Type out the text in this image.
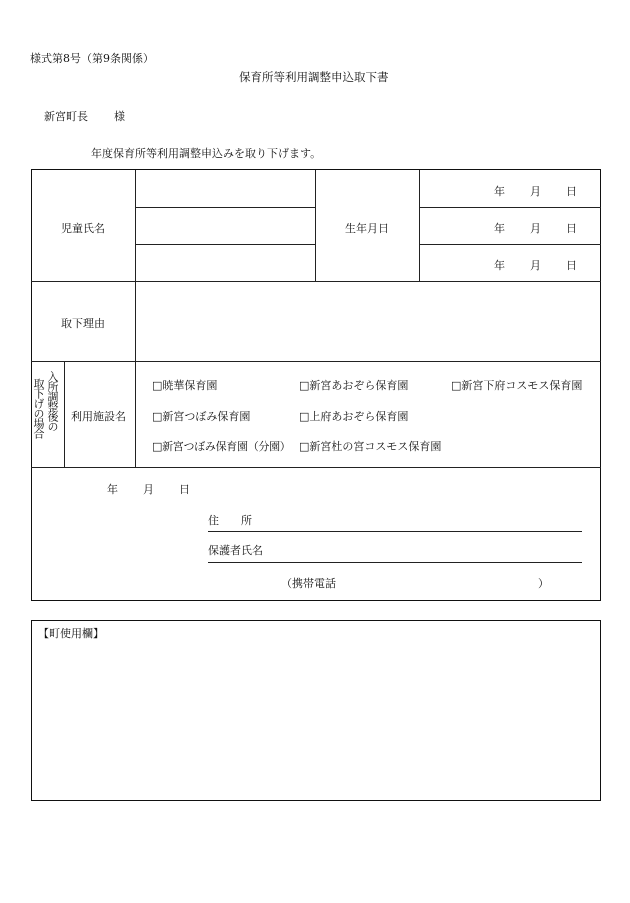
様式第8号（第9条関係）
保育所等利用調整申込取下書
新宮町長 様
年度保育所等利用調整申込みを取り下げます。
児童氏名	生年月日
年 月 日
年 月 日
年 月 日
取下理由
入所調整後の
取下げの場合 利用施設名
□暁華保育園	□新宮あおぞら保育園	□新宮下府コスモス保育園
□新宮つぼみ保育園	□上府あおぞら保育園
□新宮つぼみ保育園（分園） □新宮杜の宮コスモス保育園
年 月 日
住　　所
保護者氏名
（携帯電話	）
【町使用欄】
